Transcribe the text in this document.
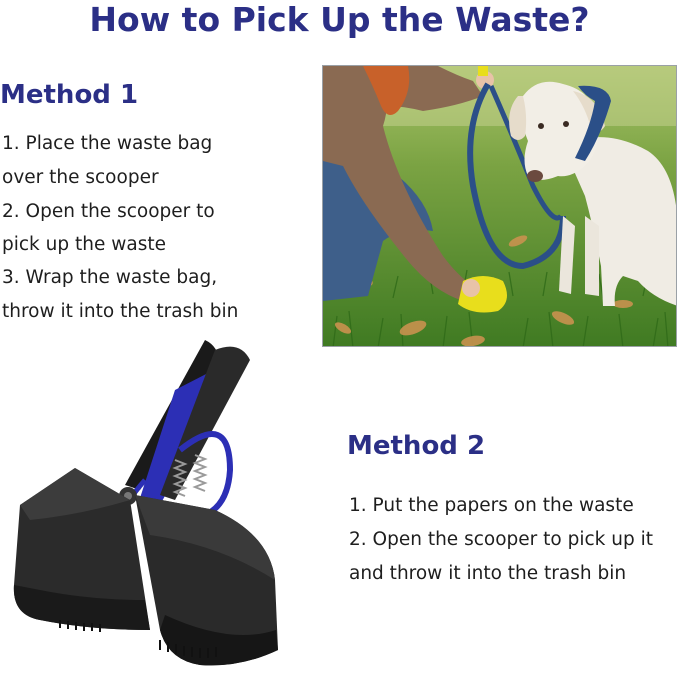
How to Pick Up the Waste?
Method 1
1. Place the waste bag
over the scooper
2. Open the scooper to
pick up the waste
3. Wrap the waste bag,
throw it into the trash bin
Method 2
1. Put the papers on the waste
2. Open the scooper to pick up it
and throw it into the trash bin
